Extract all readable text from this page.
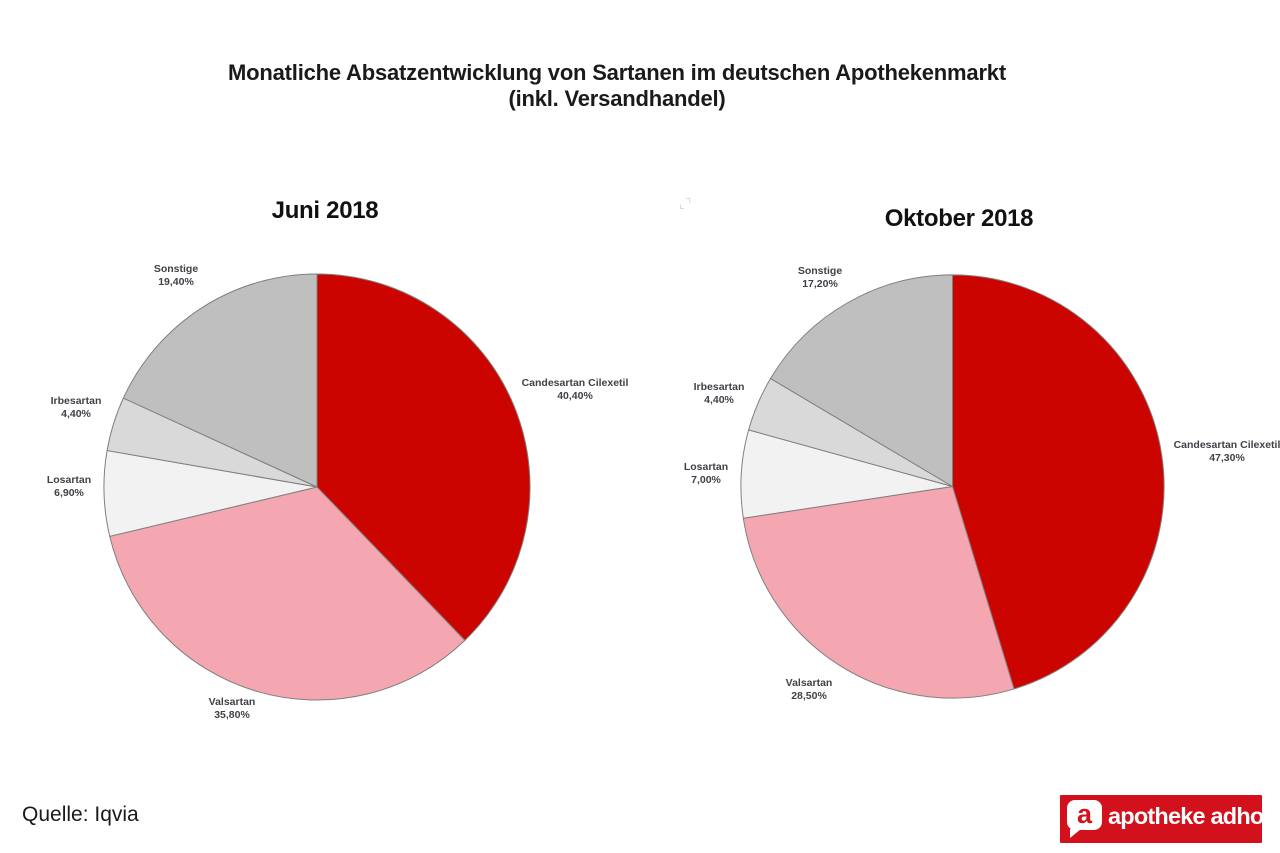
Monatliche Absatzentwicklung von Sartanen im deutschen Apothekenmarkt
(inkl. Versandhandel)
⌞⌝
Juni 2018	Oktober 2018
Sonstige
19,40%
Irbesartan
4,40%
Losartan
6,90%
Valsartan
35,80%
Candesartan Cilexetil
40,40%
Sonstige
17,20%
Irbesartan
4,40%
Losartan
7,00%
Valsartan
28,50%
Candesartan Cilexetil
47,30%
Quelle: Iqvia	a apotheke adhoc
